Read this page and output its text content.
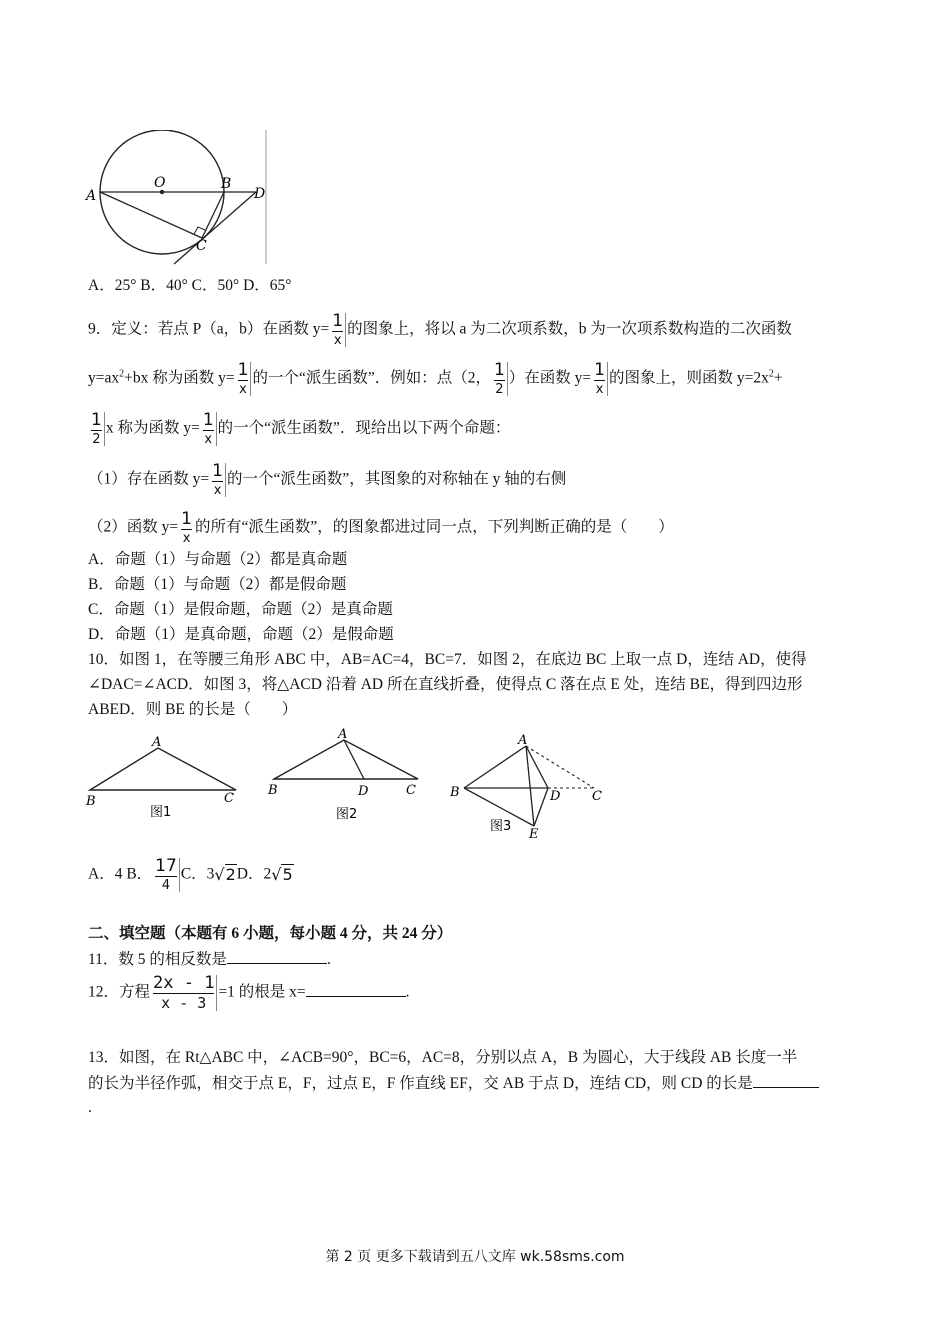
A
O	B
D
C
A．25° B．40° C．50° D．65°
9．定义：若点 P（a，b）在函数 $y= \frac{1}{x}$ 的图象上，将以 a 为二次项系数，b 为一次项系数构造的二次函数
$y=ax^2+bx$ 称为函数 $y= \frac{1}{x}$ 的一个“派生函数”．例如：点（2， $\frac{1}{2}$ ）在函数 $y= \frac{1}{x}$ 的图象上，则函数 $y=2x^2+$
$\frac{1}{2}$ x 称为函数 $y= \frac{1}{x}$ 的一个“派生函数”．现给出以下两个命题：
（1）存在函数 $y= \frac{1}{x}$ 的一个“派生函数”，其图象的对称轴在 y 轴的右侧
（2）函数 $y= \frac{1}{x}$ 的所有“派生函数”，的图象都进过同一点，下列判断正确的是（　　）
A．命题（1）与命题（2）都是真命题
B．命题（1）与命题（2）都是假命题
C．命题（1）是假命题，命题（2）是真命题
D．命题（1）是真命题，命题（2）是假命题
10．如图 1，在等腰三角形 ABC 中，AB=AC=4，BC=7．如图 2，在底边 BC 上取一点 D，连结 AD，使得
∠DAC=∠ACD．如图 3，将△ACD 沿着 AD 所在直线折叠，使得点 C 落在点 E 处，连结 BE，得到四边形
ABED．则 BE 的长是（　　）
A
B	C
图1
A
B	D	C
图2
A
B	D C
E
图3
A．4 B． $\frac{17}{4}$ C．3√2D．2√5
二、填空题（本题有 6 小题，每小题 4 分，共 24 分）
11．数 5 的相反数是	.
12．方程 $\frac{2x - 1}{x - 3} =1$ 的根是 x=	.
13．如图，在 Rt△ABC 中，∠ACB=90°，BC=6，AC=8，分别以点 A，B 为圆心，大于线段 AB 长度一半
的长为半径作弧，相交于点 E，F，过点 E，F 作直线 EF，交 AB 于点 D，连结 CD，则 CD 的长是
.
第 2 页 更多下载请到五八文库 wk.58sms.com
